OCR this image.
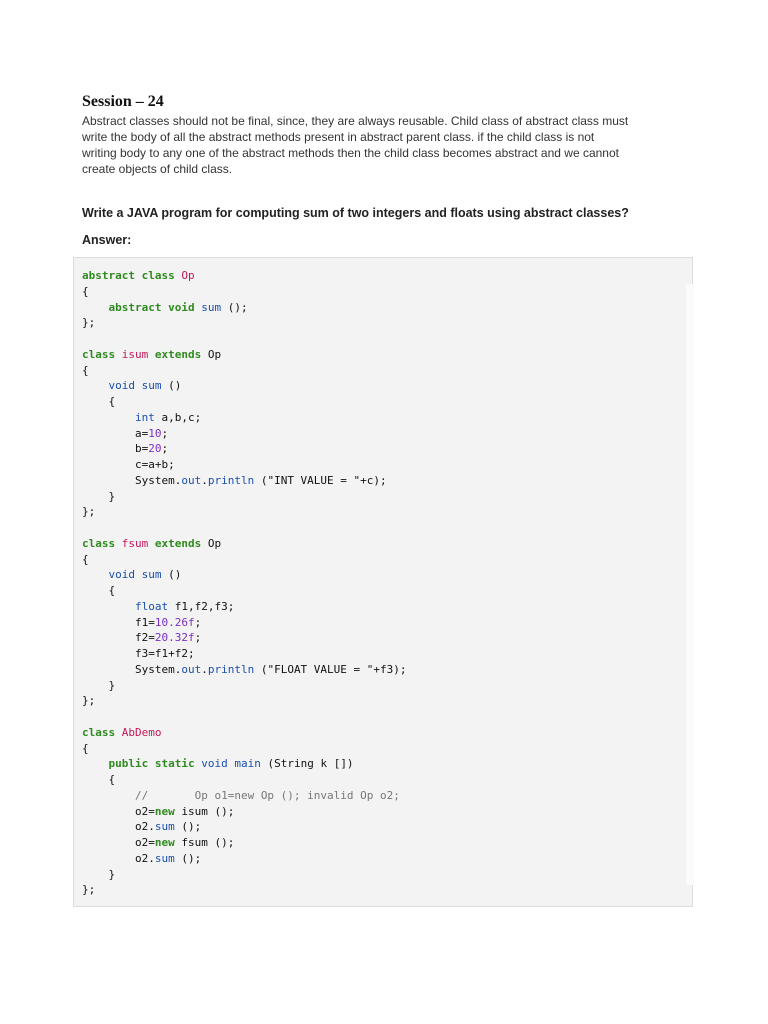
Session – 24
Abstract classes should not be final, since, they are always reusable. Child class of abstract class must
write the body of all the abstract methods present in abstract parent class. if the child class is not
writing body to any one of the abstract methods then the child class becomes abstract and we cannot
create objects of child class.
Write a JAVA program for computing sum of two integers and floats using abstract classes?
Answer:
abstract class Op
{
abstract void sum ();
};
class isum extends Op
{
void sum ()
{
int a,b,c;
a=10;
b=20;
c=a+b;
System.out.println ("INT VALUE = "+c);
}
};
class fsum extends Op
{
void sum ()
{
float f1,f2,f3;
f1=10.26f;
f2=20.32f;
f3=f1+f2;
System.out.println ("FLOAT VALUE = "+f3);
}
};
class AbDemo
{
public static void main (String k [])
{
//       Op o1=new Op (); invalid Op o2;
o2=new isum ();
o2.sum ();
o2=new fsum ();
o2.sum ();
}
};
